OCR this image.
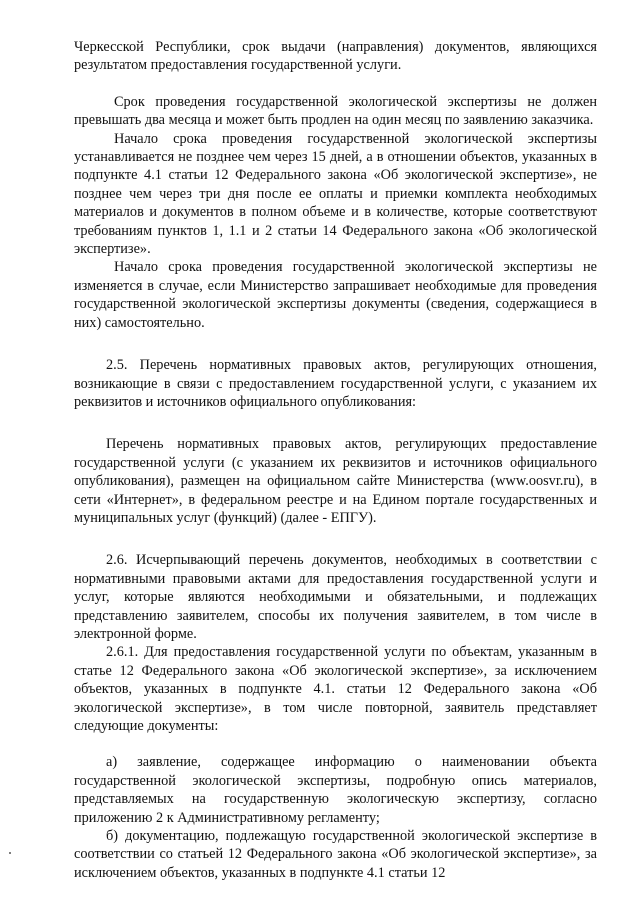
Черкесской Республики, срок выдачи (направления) документов, являющихся результатом предоставления государственной услуги.

Срок проведения государственной экологической экспертизы не должен превышать два месяца и может быть продлен на один месяц по заявлению заказчика.

Начало срока проведения государственной экологической экспертизы устанавливается не позднее чем через 15 дней, а в отношении объектов, указанных в подпункте 4.1 статьи 12 Федерального закона «Об экологической экспертизе», не позднее чем через три дня после ее оплаты и приемки комплекта необходимых материалов и документов в полном объеме и в количестве, которые соответствуют требованиям пунктов 1, 1.1 и 2 статьи 14 Федерального закона «Об экологической экспертизе».

Начало срока проведения государственной экологической экспертизы не изменяется в случае, если Министерство запрашивает необходимые для проведения государственной экологической экспертизы документы (сведения, содержащиеся в них) самостоятельно.

2.5. Перечень нормативных правовых актов, регулирующих отношения, возникающие в связи с предоставлением государственной услуги, с указанием их реквизитов и источников официального опубликования:

Перечень нормативных правовых актов, регулирующих предоставление государственной услуги (с указанием их реквизитов и источников официального опубликования), размещен на официальном сайте Министерства (www.oosvr.ru), в сети «Интернет», в федеральном реестре и на Едином портале государственных и муниципальных услуг (функций) (далее - ЕПГУ).

2.6. Исчерпывающий перечень документов, необходимых в соответствии с нормативными правовыми актами для предоставления государственной услуги и услуг, которые являются необходимыми и обязательными, и подлежащих представлению заявителем, способы их получения заявителем, в том числе в электронной форме.

2.6.1. Для предоставления государственной услуги по объектам, указанным в статье 12 Федерального закона «Об экологической экспертизе», за исключением объектов, указанных в подпункте 4.1. статьи 12 Федерального закона «Об экологической экспертизе», в том числе повторной, заявитель представляет следующие документы:

а) заявление, содержащее информацию о наименовании объекта государственной экологической экспертизы, подробную опись материалов, представляемых на государственную экологическую экспертизу, согласно приложению 2 к Административному регламенту;

б) документацию, подлежащую государственной экологической экспертизе в соответствии со статьей 12 Федерального закона «Об экологической экспертизе», за исключением объектов, указанных в подпункте 4.1 статьи 12
